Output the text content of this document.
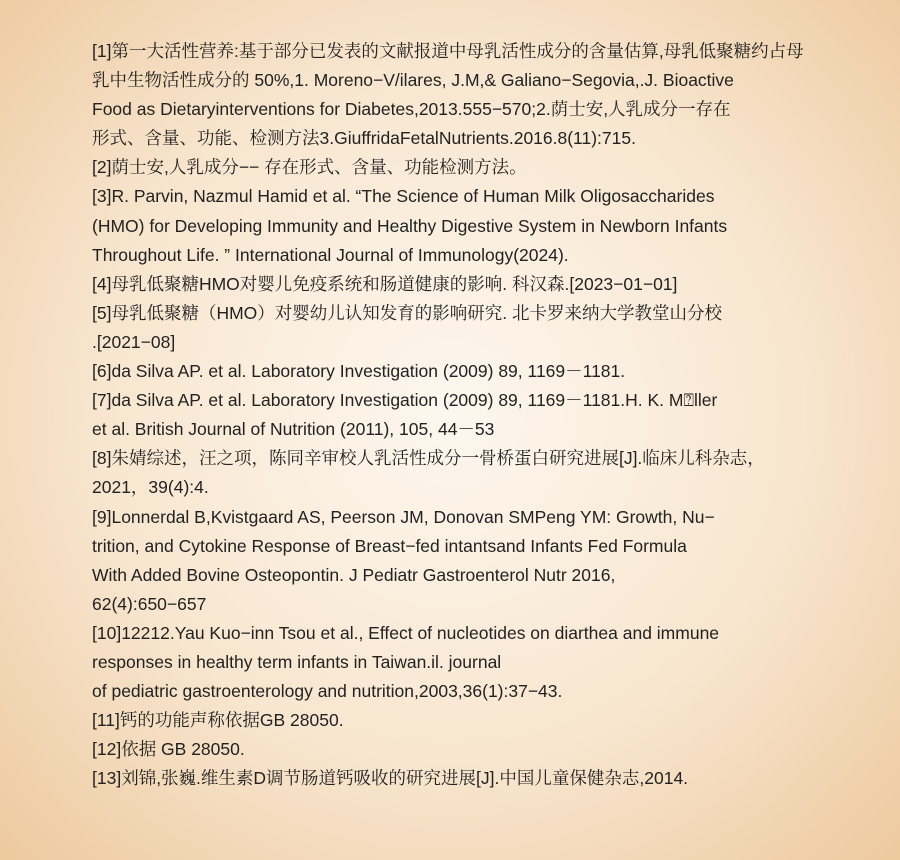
[1]第一大活性营养:基于部分已发表的文献报道中母乳活性成分的含量估算,母乳低聚糖约占母
乳中生物活性成分的 50%,1. Moreno−V/ilares, J.M,& Galiano−Segovia,.J. Bioactive
Food as Dietaryinterventions for Diabetes,2013.555−570;2.荫士安,人乳成分一存在
形式、含量、功能、检测方法3.GiuffridaFetalNutrients.2016.8(11):715.
[2]荫士安,人乳成分−− 存在形式、含量、功能检测方法。
[3]R. Parvin, Nazmul Hamid et al. “The Science of Human Milk Oligosaccharides
(HMO) for Developing Immunity and Healthy Digestive System in Newborn Infants
Throughout Life. ” International Journal of Immunology(2024).
[4]母乳低聚糖HMO对婴儿免疫系统和肠道健康的影响. 科汉森.[2023−01−01]
[5]母乳低聚糖（HMO）对婴幼儿认知发育的影响研究. 北卡罗来纳大学教堂山分校
.[2021−08]
[6]da Silva AP. et al. Laboratory Investigation (2009) 89, 1169－1181.
[7]da Silva AP. et al. Laboratory Investigation (2009) 89, 1169－1181.H. K. M⍰ller
et al. British Journal of Nutrition (2011), 105, 44－53
[8]朱婧综述，汪之项，陈同辛审校人乳活性成分一骨桥蛋白研究进展[J].临床儿科杂志，
2021，39(4):4.
[9]Lonnerdal B,Kvistgaard AS, Peerson JM, Donovan SMPeng YM: Growth, Nu−
trition, and Cytokine Response of Breast−fed intantsand Infants Fed Formula
With Added Bovine Osteopontin. J Pediatr Gastroenterol Nutr 2016,
62(4):650−657
[10]12212.Yau Kuo−inn Tsou et al., Effect of nucleotides on diarthea and immune
responses in healthy term infants in Taiwan.il. journal
of pediatric gastroenterology and nutrition,2003,36(1):37−43.
[11]钙的功能声称依据GB 28050.
[12]依据 GB 28050.
[13]刘锦,张巍.维生素D调节肠道钙吸收的研究进展[J].中国儿童保健杂志,2014.
